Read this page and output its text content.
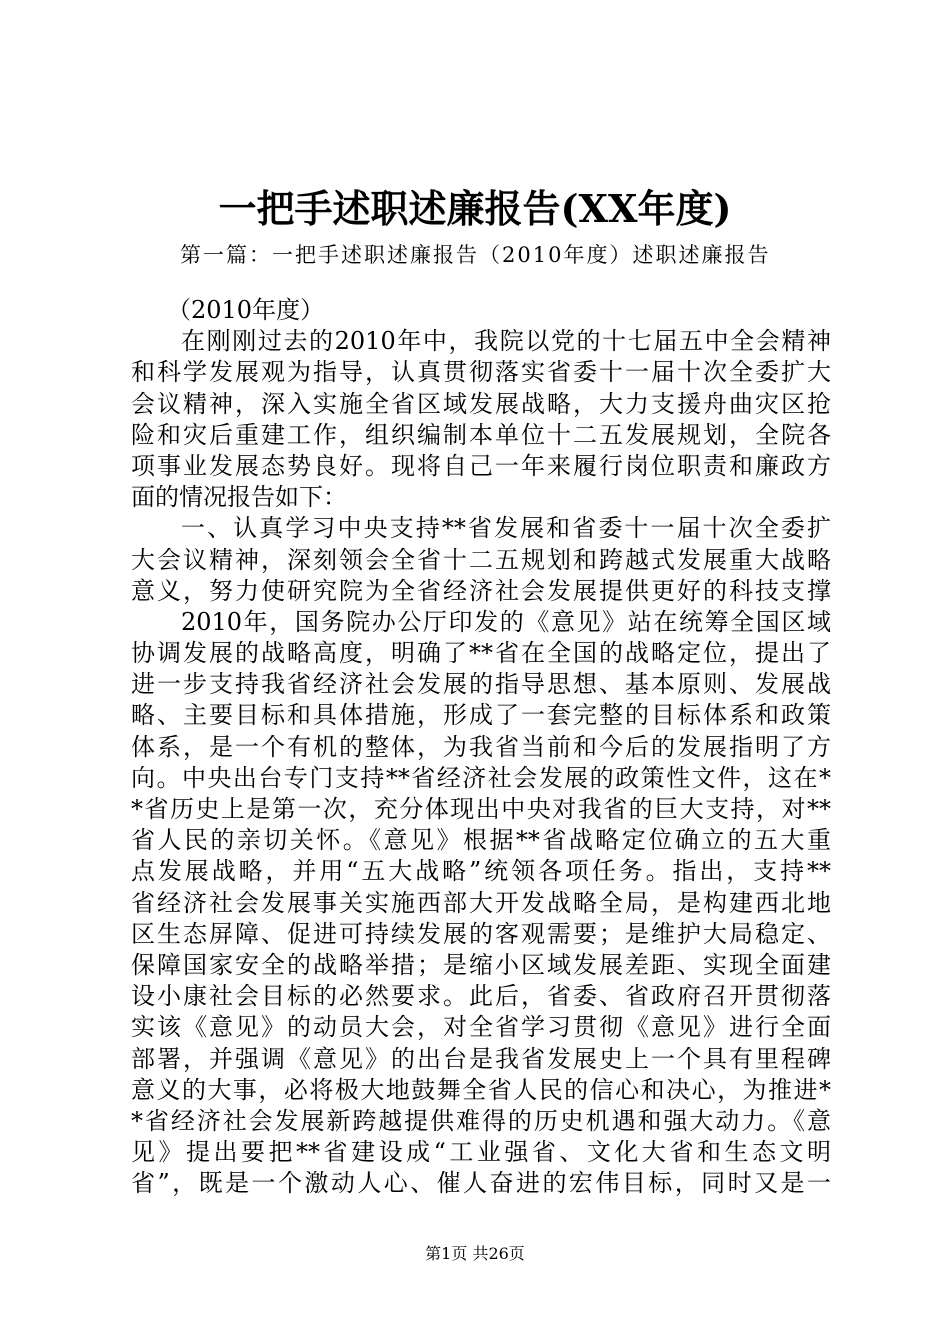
一把手述职述廉报告(XX年度)
第一篇：一把手述职述廉报告（2010年度）述职述廉报告
（2010年度）
在刚刚过去的2010年中，我院以党的十七届五中全会精神
和科学发展观为指导，认真贯彻落实省委十一届十次全委扩大
会议精神，深入实施全省区域发展战略，大力支援舟曲灾区抢
险和灾后重建工作，组织编制本单位十二五发展规划，全院各
项事业发展态势良好。现将自己一年来履行岗位职责和廉政方
面的情况报告如下：
一、认真学习中央支持**省发展和省委十一届十次全委扩
大会议精神，深刻领会全省十二五规划和跨越式发展重大战略
意义，努力使研究院为全省经济社会发展提供更好的科技支撑
2010年，国务院办公厅印发的《意见》站在统筹全国区域
协调发展的战略高度，明确了**省在全国的战略定位，提出了
进一步支持我省经济社会发展的指导思想、基本原则、发展战
略、主要目标和具体措施，形成了一套完整的目标体系和政策
体系，是一个有机的整体，为我省当前和今后的发展指明了方
向。中央出台专门支持**省经济社会发展的政策性文件，这在*
*省历史上是第一次，充分体现出中央对我省的巨大支持，对**
省人民的亲切关怀。《意见》根据**省战略定位确立的五大重
点发展战略，并用“五大战略”统领各项任务。指出，支持**
省经济社会发展事关实施西部大开发战略全局，是构建西北地
区生态屏障、促进可持续发展的客观需要；是维护大局稳定、
保障国家安全的战略举措；是缩小区域发展差距、实现全面建
设小康社会目标的必然要求。此后，省委、省政府召开贯彻落
实该《意见》的动员大会，对全省学习贯彻《意见》进行全面
部署，并强调《意见》的出台是我省发展史上一个具有里程碑
意义的大事，必将极大地鼓舞全省人民的信心和决心，为推进*
*省经济社会发展新跨越提供难得的历史机遇和强大动力。《意
见》提出要把**省建设成“工业强省、文化大省和生态文明
省”，既是一个激动人心、催人奋进的宏伟目标，同时又是一
第1页 共26页
